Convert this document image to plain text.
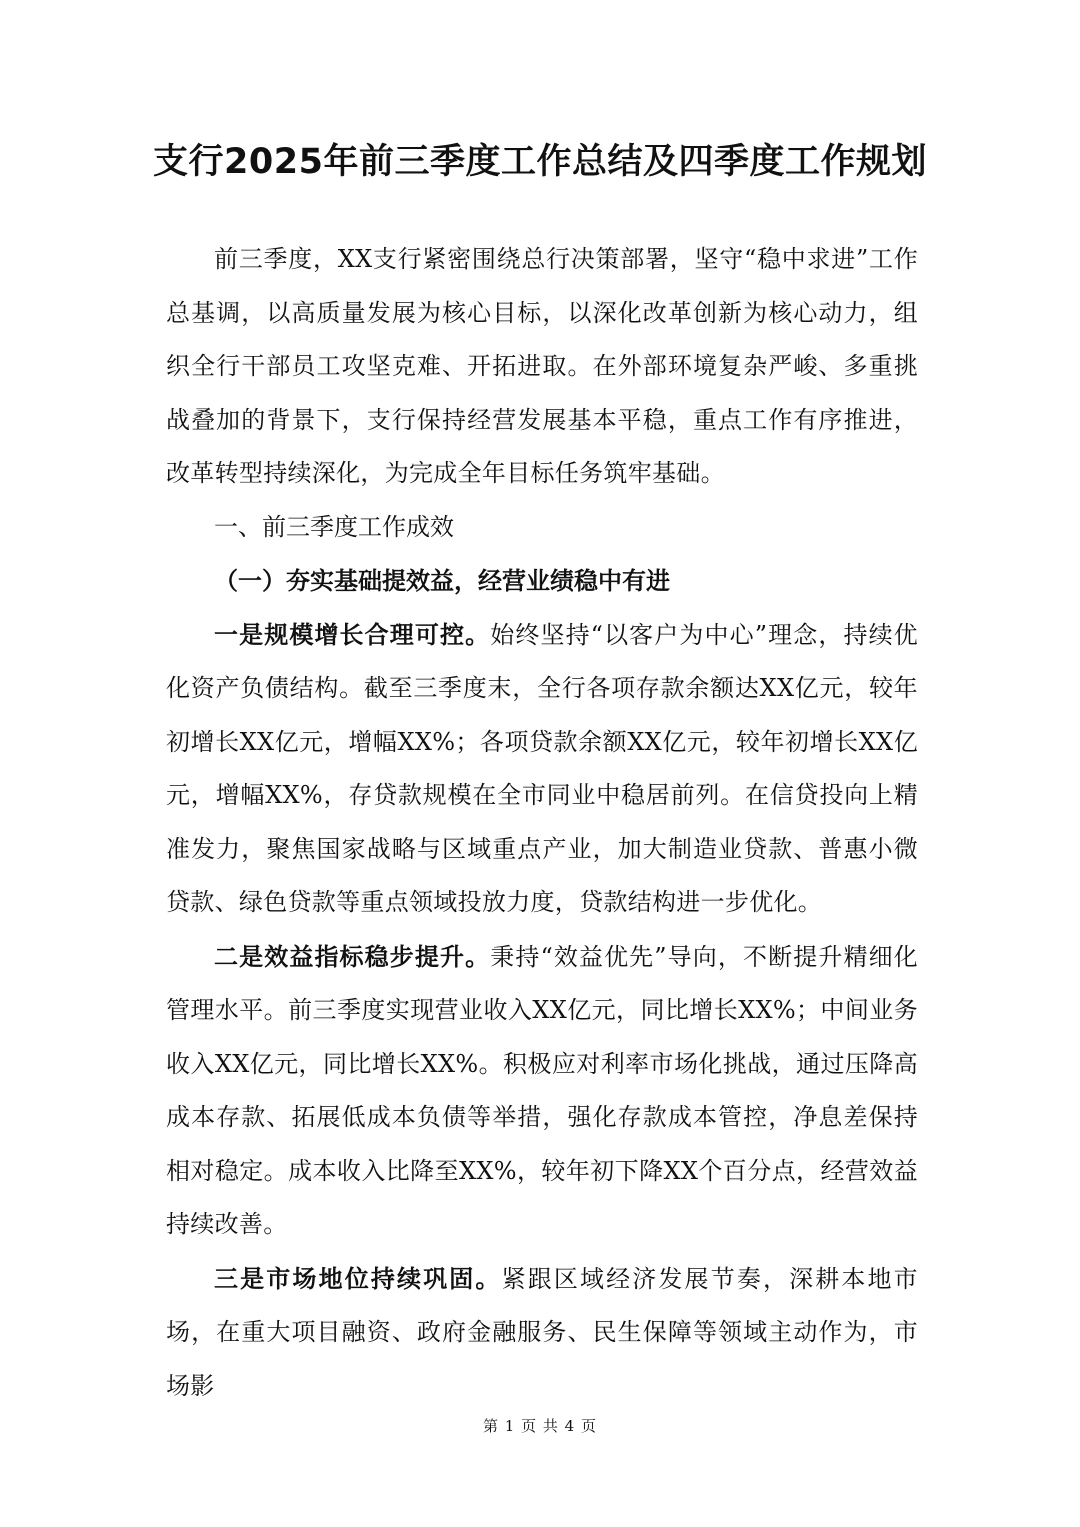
支行2025年前三季度工作总结及四季度工作规划

前三季度，XX支行紧密围绕总行决策部署，坚守“稳中求进”工作总基调，以高质量发展为核心目标，以深化改革创新为核心动力，组织全行干部员工攻坚克难、开拓进取。在外部环境复杂严峻、多重挑战叠加的背景下，支行保持经营发展基本平稳，重点工作有序推进，改革转型持续深化，为完成全年目标任务筑牢基础。

一、前三季度工作成效

（一）夯实基础提效益，经营业绩稳中有进

一是规模增长合理可控。始终坚持“以客户为中心”理念，持续优化资产负债结构。截至三季度末，全行各项存款余额达XX亿元，较年初增长XX亿元，增幅XX%；各项贷款余额XX亿元，较年初增长XX亿元，增幅XX%，存贷款规模在全市同业中稳居前列。在信贷投向上精准发力，聚焦国家战略与区域重点产业，加大制造业贷款、普惠小微贷款、绿色贷款等重点领域投放力度，贷款结构进一步优化。

二是效益指标稳步提升。秉持“效益优先”导向，不断提升精细化管理水平。前三季度实现营业收入XX亿元，同比增长XX%；中间业务收入XX亿元，同比增长XX%。积极应对利率市场化挑战，通过压降高成本存款、拓展低成本负债等举措，强化存款成本管控，净息差保持相对稳定。成本收入比降至XX%，较年初下降XX个百分点，经营效益持续改善。

三是市场地位持续巩固。紧跟区域经济发展节奏，深耕本地市场，在重大项目融资、政府金融服务、民生保障等领域主动作为，市场影

第 1 页 共 4 页
